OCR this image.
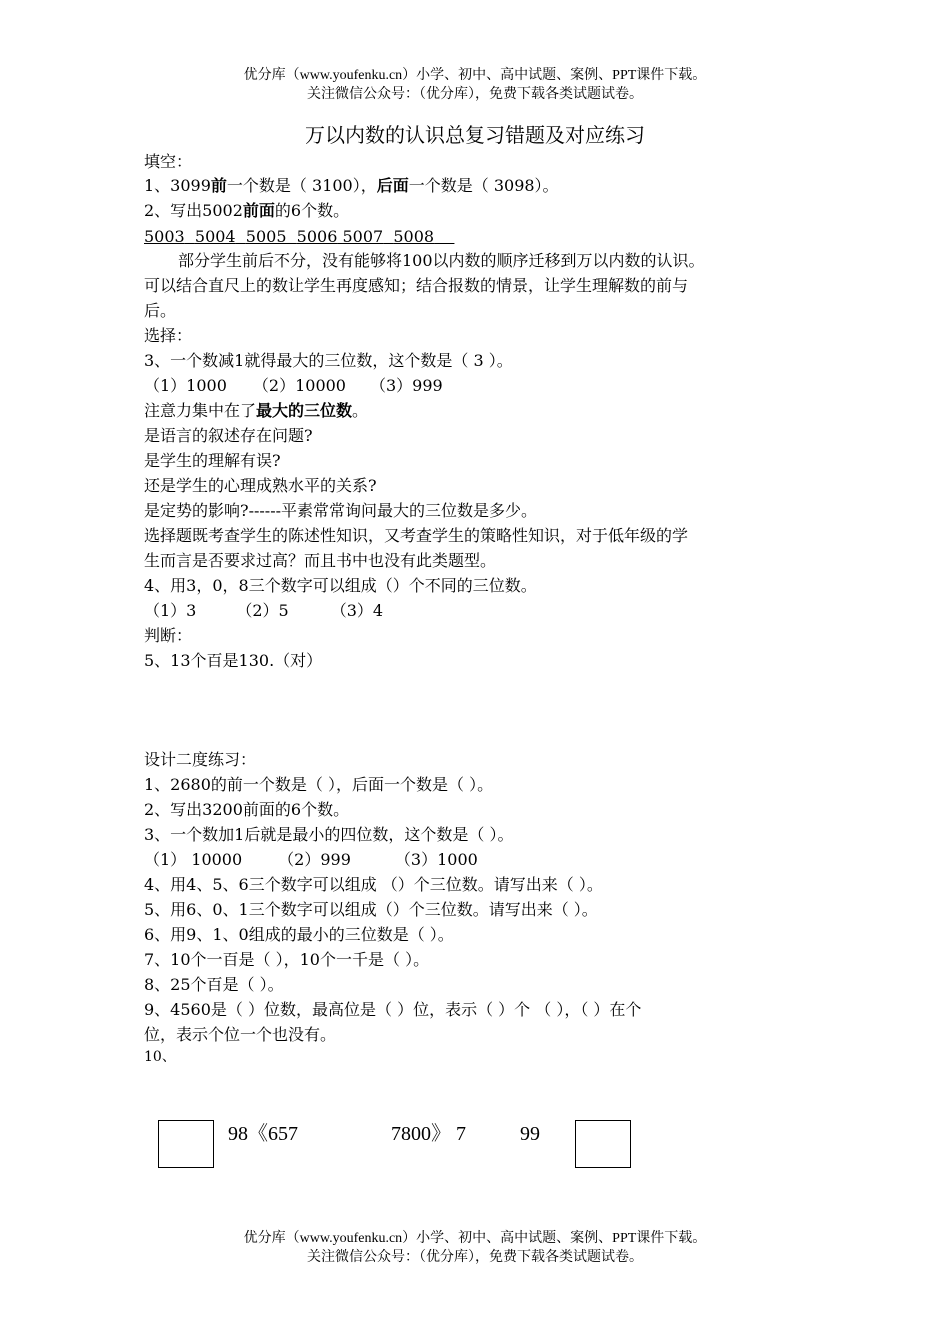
优分库（www.youfenku.cn）小学、初中、高中试题、案例、PPT课件下载。
关注微信公众号：（优分库），免费下载各类试题试卷。
万以内数的认识总复习错题及对应练习
填空：
1、3099前一个数是（ 3100），后面一个数是（ 3098）。
2、写出5002前面的6个数。
5003 5004 5005 5006 5007 5008
部分学生前后不分，没有能够将100以内数的顺序迁移到万以内数的认识。
可以结合直尺上的数让学生再度感知；结合报数的情景，让学生理解数的前与
后。
选择：
3、一个数减1就得最大的三位数，这个数是（ 3 ）。
（1）1000 （2）10000 （3）999
注意力集中在了最大的三位数。
是语言的叙述存在问题?
是学生的理解有误?
还是学生的心理成熟水平的关系?
是定势的影响?------平素常常询问最大的三位数是多少。
选择题既考查学生的陈述性知识，又考查学生的策略性知识，对于低年级的学
生而言是否要求过高？而且书中也没有此类题型。
4、用3，0，8三个数字可以组成（）个不同的三位数。
（1）3	（2）5	（3）4
判断：
5、13个百是130.（对）
设计二度练习：
1、2680的前一个数是（ ），后面一个数是（ ）。
2、写出3200前面的6个数。
3、一个数加1后就是最小的四位数，这个数是（ ）。
（1） 10000 （2）999	（3）1000
4、用4、5、6三个数字可以组成 （）个三位数。请写出来（ ）。
5、用6、0、1三个数字可以组成（）个三位数。请写出来（ ）。
6、用9、1、0组成的最小的三位数是（ ）。
7、10个一百是（ ），10个一千是（ ）。
8、25个百是（ ）。
9、4560是（ ）位数，最高位是（ ）位，表示（ ）个 （ ），（ ）在个
位，表示个位一个也没有。
10、
98《657	7800》 7	99
优分库（www.youfenku.cn）小学、初中、高中试题、案例、PPT课件下载。
关注微信公众号：（优分库），免费下载各类试题试卷。
